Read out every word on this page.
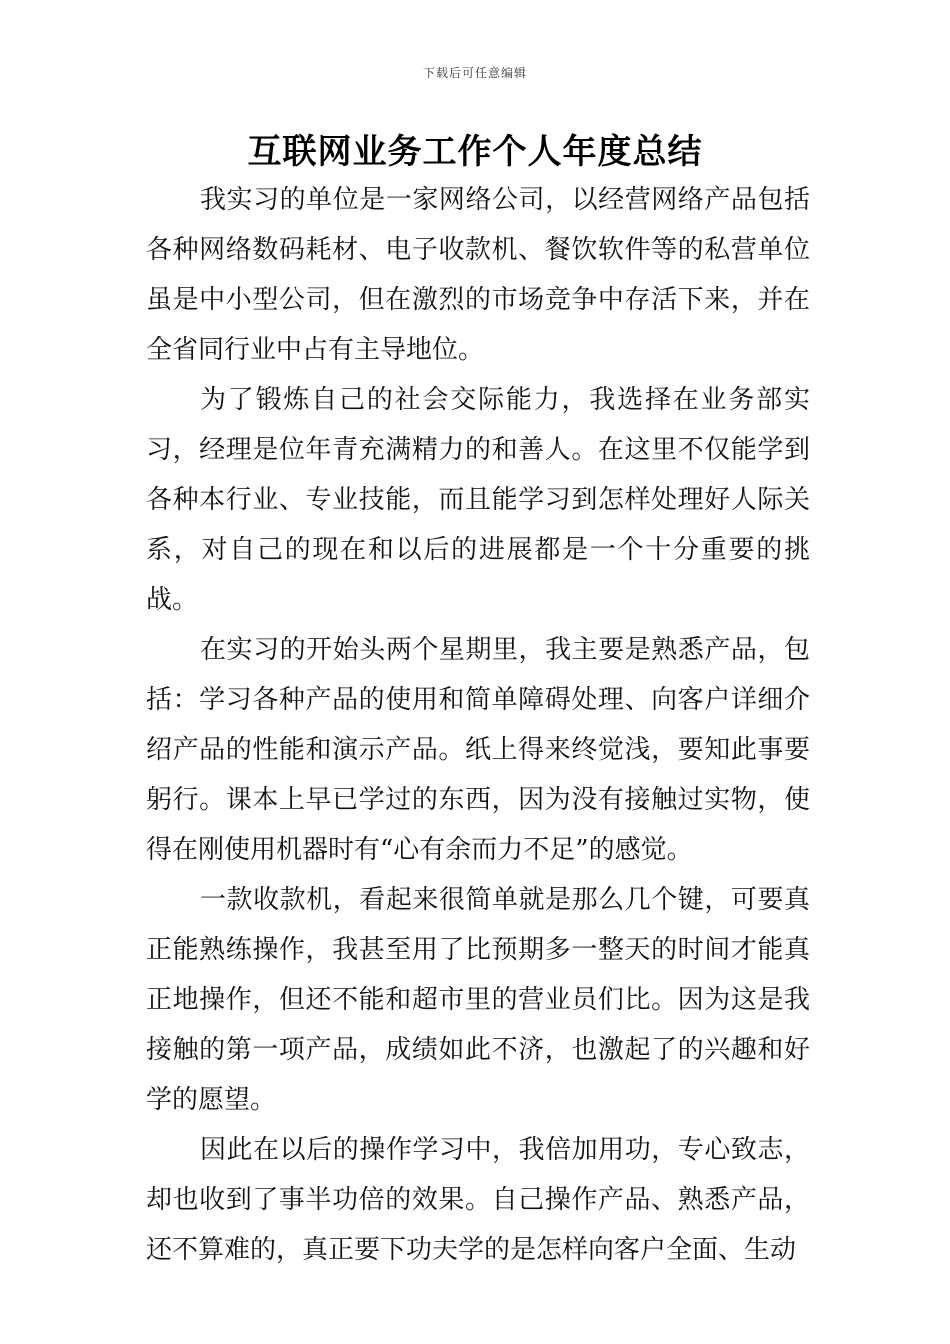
下载后可任意编辑
互联网业务工作个人年度总结

我实习的单位是一家网络公司，以经营网络产品包括各种网络数码耗材、电子收款机、餐饮软件等的私营单位虽是中小型公司，但在激烈的市场竞争中存活下来，并在全省同行业中占有主导地位。

为了锻炼自己的社会交际能力，我选择在业务部实习，经理是位年青充满精力的和善人。在这里不仅能学到各种本行业、专业技能，而且能学习到怎样处理好人际关系，对自己的现在和以后的进展都是一个十分重要的挑战。

在实习的开始头两个星期里，我主要是熟悉产品，包括：学习各种产品的使用和简单障碍处理、向客户详细介绍产品的性能和演示产品。纸上得来终觉浅，要知此事要躬行。课本上早已学过的东西，因为没有接触过实物，使得在刚使用机器时有“心有余而力不足”的感觉。

一款收款机，看起来很简单就是那么几个键，可要真正能熟练操作，我甚至用了比预期多一整天的时间才能真正地操作，但还不能和超市里的营业员们比。因为这是我接触的第一项产品，成绩如此不济，也激起了的兴趣和好学的愿望。

因此在以后的操作学习中，我倍加用功，专心致志，却也收到了事半功倍的效果。自己操作产品、熟悉产品，还不算难的，真正要下功夫学的是怎样向客户全面、生动
